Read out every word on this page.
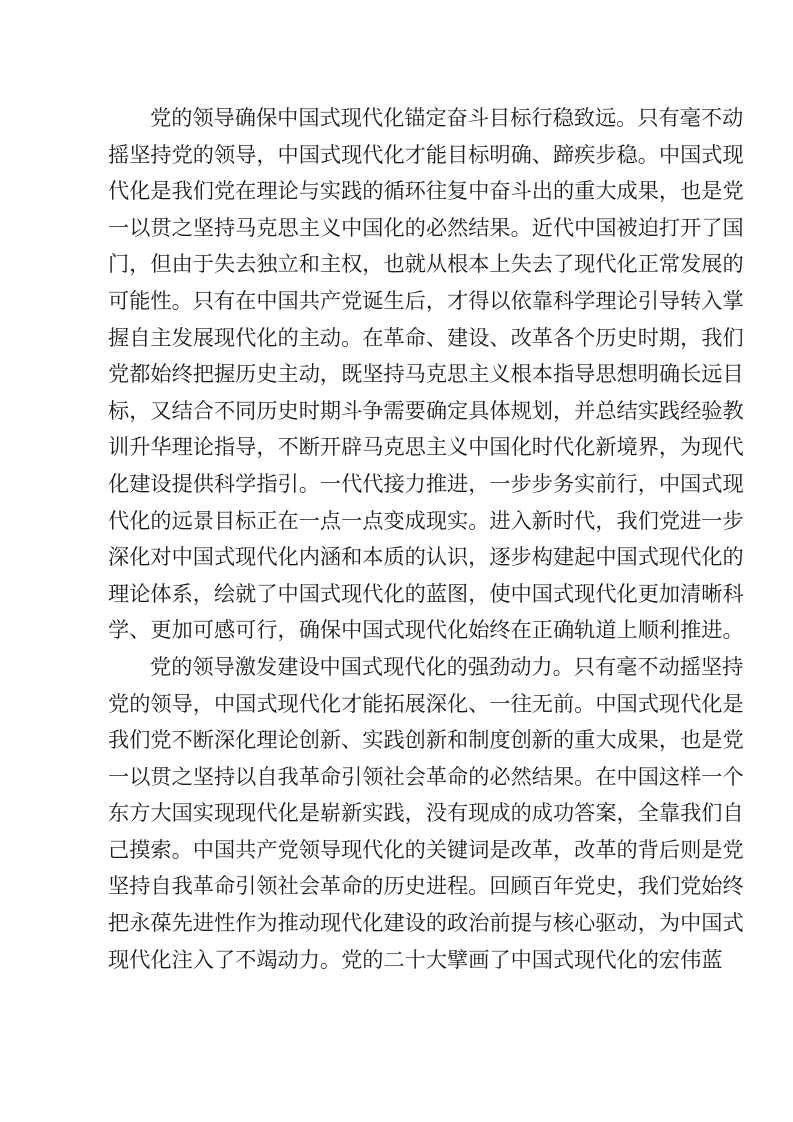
党的领导确保中国式现代化锚定奋斗目标行稳致远。只有毫不动
摇坚持党的领导，中国式现代化才能目标明确、蹄疾步稳。中国式现
代化是我们党在理论与实践的循环往复中奋斗出的重大成果，也是党
一以贯之坚持马克思主义中国化的必然结果。近代中国被迫打开了国
门，但由于失去独立和主权，也就从根本上失去了现代化正常发展的
可能性。只有在中国共产党诞生后，才得以依靠科学理论引导转入掌
握自主发展现代化的主动。在革命、建设、改革各个历史时期，我们
党都始终把握历史主动，既坚持马克思主义根本指导思想明确长远目
标，又结合不同历史时期斗争需要确定具体规划，并总结实践经验教
训升华理论指导，不断开辟马克思主义中国化时代化新境界，为现代
化建设提供科学指引。一代代接力推进，一步步务实前行，中国式现
代化的远景目标正在一点一点变成现实。进入新时代，我们党进一步
深化对中国式现代化内涵和本质的认识，逐步构建起中国式现代化的
理论体系，绘就了中国式现代化的蓝图，使中国式现代化更加清晰科
学、更加可感可行，确保中国式现代化始终在正确轨道上顺利推进。
党的领导激发建设中国式现代化的强劲动力。只有毫不动摇坚持
党的领导，中国式现代化才能拓展深化、一往无前。中国式现代化是
我们党不断深化理论创新、实践创新和制度创新的重大成果，也是党
一以贯之坚持以自我革命引领社会革命的必然结果。在中国这样一个
东方大国实现现代化是崭新实践，没有现成的成功答案，全靠我们自
己摸索。中国共产党领导现代化的关键词是改革，改革的背后则是党
坚持自我革命引领社会革命的历史进程。回顾百年党史，我们党始终
把永葆先进性作为推动现代化建设的政治前提与核心驱动，为中国式
现代化注入了不竭动力。党的二十大擘画了中国式现代化的宏伟蓝
